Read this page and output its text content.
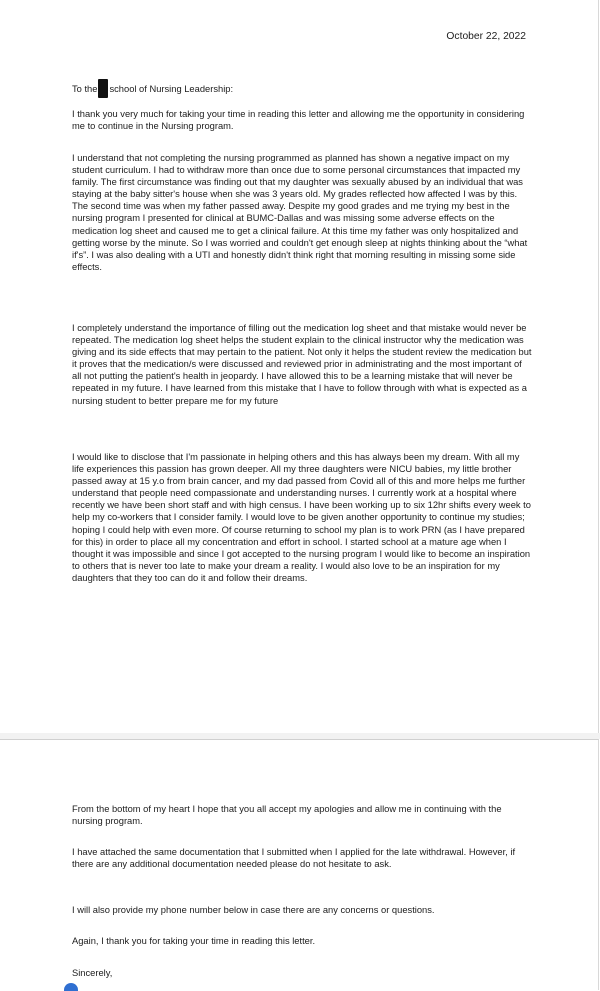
October 22, 2022
To the school of Nursing Leadership:

I thank you very much for taking your time in reading this letter and allowing me the opportunity in considering me to continue in the Nursing program.

I understand that not completing the nursing programmed as planned has shown a negative impact on my student curriculum. I had to withdraw more than once due to some personal circumstances that impacted my family. The first circumstance was finding out that my daughter was sexually abused by an individual that was staying at the baby sitter's house when she was 3 years old. My grades reflected how affected I was by this.

The second time was when my father passed away. Despite my good grades and me trying my best in the nursing program I presented for clinical at BUMC-Dallas and was missing some adverse effects on the medication log sheet and caused me to get a clinical failure. At this time my father was only hospitalized and getting worse by the minute. So I was worried and couldn't get enough sleep at nights thinking about the “what if's”. I was also dealing with a UTI and honestly didn't think right that morning resulting in missing some side effects.

I completely understand the importance of filling out the medication log sheet and that mistake would never be repeated. The medication log sheet helps the student explain to the clinical instructor why the medication was giving and its side effects that may pertain to the patient. Not only it helps the student review the medication but it proves that the medication/s were discussed and reviewed prior in administrating and the most important of all not putting the patient's health in jeopardy. I have allowed this to be a learning mistake that will never be repeated in my future. I have learned from this mistake that I have to follow through with what is expected as a nursing student to better prepare me for my future

I would like to disclose that I'm passionate in helping others and this has always been my dream. With all my life experiences this passion has grown deeper. All my three daughters were NICU babies, my little brother passed away at 15 y.o from brain cancer, and my dad passed from Covid all of this and more helps me further understand that people need compassionate and understanding nurses. I currently work at a hospital where recently we have been short staff and with high census. I have been working up to six 12hr shifts every week to help my co-workers that I consider family. I would love to be given another opportunity to continue my studies; hoping I could help with even more. Of course returning to school my plan is to work PRN (as I have prepared for this) in order to place all my concentration and effort in school. I started school at a mature age when I thought it was impossible and since I got accepted to the nursing program I would like to become an inspiration to others that is never too late to make your dream a reality. I would also love to be an inspiration for my daughters that they too can do it and follow their dreams.

From the bottom of my heart I hope that you all accept my apologies and allow me in continuing with the nursing program.

I have attached the same documentation that I submitted when I applied for the late withdrawal. However, if there are any additional documentation needed please do not hesitate to ask.

I will also provide my phone number below in case there are any concerns or questions.

Again, I thank you for taking your time in reading this letter.

Sincerely,
